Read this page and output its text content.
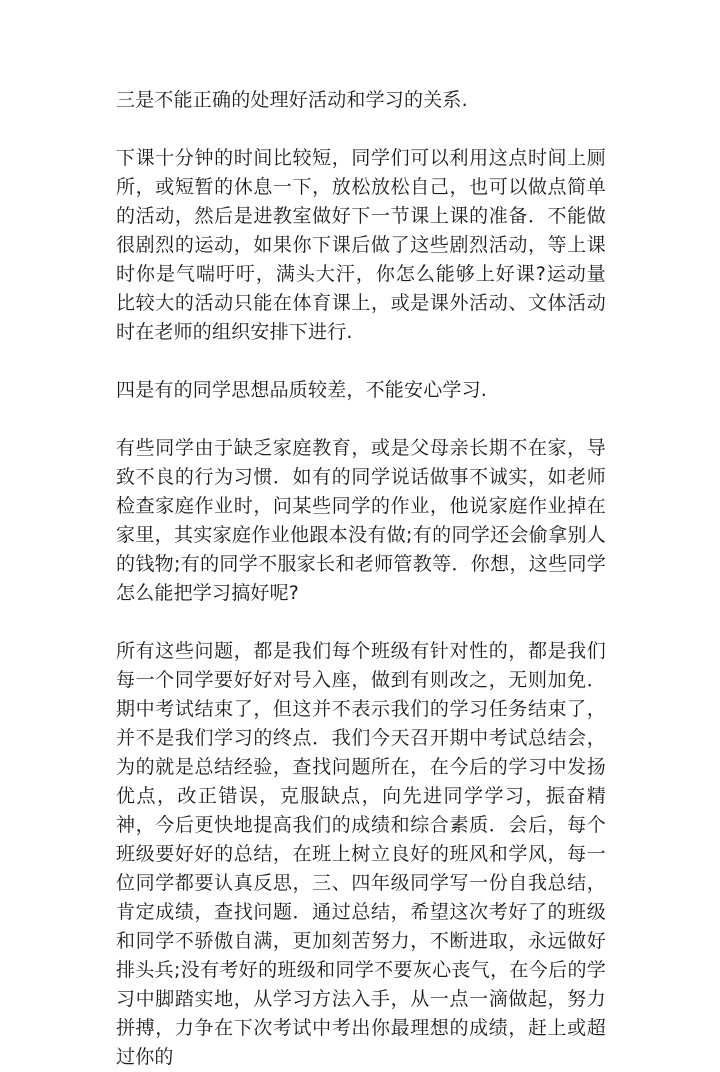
三是不能正确的处理好活动和学习的关系.

下课十分钟的时间比较短，同学们可以利用这点时间上厕所，或短暂的休息一下，放松放松自己，也可以做点简单的活动，然后是进教室做好下一节课上课的准备．不能做很剧烈的运动，如果你下课后做了这些剧烈活动，等上课时你是气喘吁吁，满头大汗，你怎么能够上好课?运动量比较大的活动只能在体育课上，或是课外活动、文体活动时在老师的组织安排下进行.

四是有的同学思想品质较差，不能安心学习.

有些同学由于缺乏家庭教育，或是父母亲长期不在家，导致不良的行为习惯．如有的同学说话做事不诚实，如老师检查家庭作业时，问某些同学的作业，他说家庭作业掉在家里，其实家庭作业他跟本没有做;有的同学还会偷拿别人的钱物;有的同学不服家长和老师管教等．你想，这些同学怎么能把学习搞好呢?

所有这些问题，都是我们每个班级有针对性的，都是我们每一个同学要好好对号入座，做到有则改之，无则加免．期中考试结束了，但这并不表示我们的学习任务结束了，并不是我们学习的终点．我们今天召开期中考试总结会，为的就是总结经验，查找问题所在，在今后的学习中发扬优点，改正错误，克服缺点，向先进同学学习，振奋精神，今后更快地提高我们的成绩和综合素质．会后，每个班级要好好的总结，在班上树立良好的班风和学风，每一位同学都要认真反思，三、四年级同学写一份自我总结，肯定成绩，查找问题．通过总结，希望这次考好了的班级和同学不骄傲自满，更加刻苦努力，不断进取，永远做好排头兵;没有考好的班级和同学不要灰心丧气，在今后的学习中脚踏实地，从学习方法入手，从一点一滴做起，努力拼搏，力争在下次考试中考出你最理想的成绩，赶上或超过你的
